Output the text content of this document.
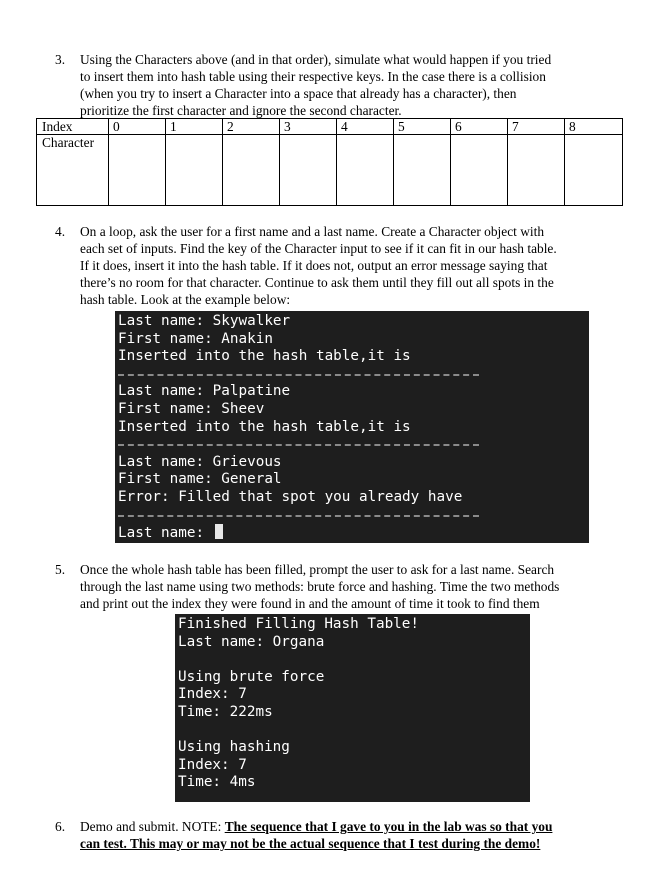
3. Using the Characters above (and in that order), simulate what would happen if you tried
to insert them into hash table using their respective keys. In the case there is a collision
(when you try to insert a Character into a space that already has a character), then
prioritize the first character and ignore the second character.
Index	0	1	2	3	4	5	6	7	8
Character									
4. On a loop, ask the user for a first name and a last name. Create a Character object with
each set of inputs. Find the key of the Character input to see if it can fit in our hash table.
If it does, insert it into the hash table. If it does not, output an error message saying that
there’s no room for that character. Continue to ask them until they fill out all spots in the
hash table. Look at the example below:
Last name: Skywalker
First name: Anakin
Inserted into the hash table,it is
Last name: Palpatine
First name: Sheev
Inserted into the hash table,it is
Last name: Grievous
First name: General
Error: Filled that spot you already have
Last name:
5. Once the whole hash table has been filled, prompt the user to ask for a last name. Search
through the last name using two methods: brute force and hashing. Time the two methods
and print out the index they were found in and the amount of time it took to find them
Finished Filling Hash Table!
Last name: Organa
Using brute force
Index: 7
Time: 222ms
Using hashing
Index: 7
Time: 4ms
6. Demo and submit. NOTE: The sequence that I gave to you in the lab was so that you
can test. This may or may not be the actual sequence that I test during the demo!
